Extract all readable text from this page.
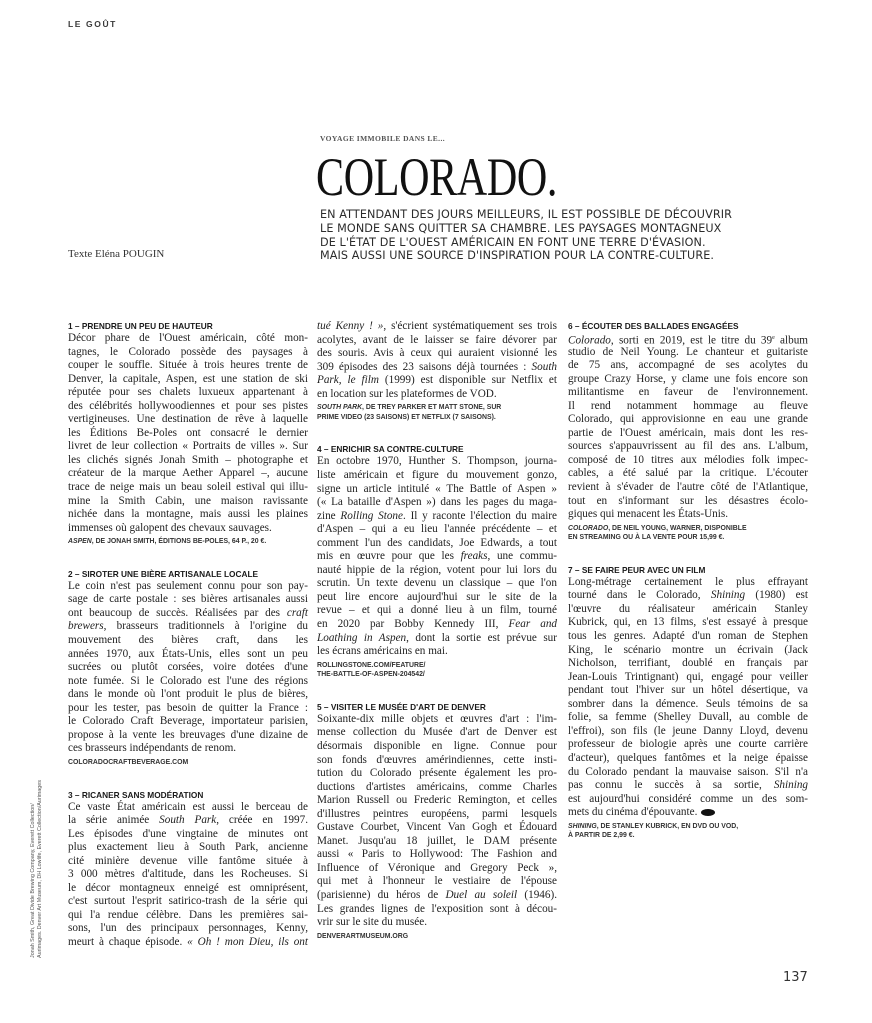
LE GOÛT
VOYAGE IMMOBILE DANS LE...
COLORADO.
EN ATTENDANT DES JOURS MEILLEURS, IL EST POSSIBLE DE DÉCOUVRIR
LE MONDE SANS QUITTER SA CHAMBRE. LES PAYSAGES MONTAGNEUX
DE L'ÉTAT DE L'OUEST AMÉRICAIN EN FONT UNE TERRE D'ÉVASION.
MAIS AUSSI UNE SOURCE D'INSPIRATION POUR LA CONTRE-CULTURE.
Texte Eléna POUGIN
1 – PRENDRE UN PEU DE HAUTEUR
Décor phare de l'Ouest américain, côté mon-
tagnes, le Colorado possède des paysages à
couper le souffle. Située à trois heures trente de
Denver, la capitale, Aspen, est une station de ski
réputée pour ses chalets luxueux appartenant à
des célébrités hollywoodiennes et pour ses pistes
vertigineuses. Une destination de rêve à laquelle
les Éditions Be-Poles ont consacré le dernier
livret de leur collection « Portraits de villes ». Sur
les clichés signés Jonah Smith – photographe et
créateur de la marque Aether Apparel –, aucune
trace de neige mais un beau soleil estival qui illu-
mine la Smith Cabin, une maison ravissante
nichée dans la montagne, mais aussi les plaines
immenses où galopent des chevaux sauvages.
ASPEN, DE JONAH SMITH, ÉDITIONS BE-POLES, 64 P., 20 €.
2 – SIROTER UNE BIÈRE ARTISANALE LOCALE
Le coin n'est pas seulement connu pour son pay-
sage de carte postale : ses bières artisanales aussi
ont beaucoup de succès. Réalisées par des craft
brewers, brasseurs traditionnels à l'origine du
mouvement des bières craft, dans les
années 1970, aux États-Unis, elles sont un peu
sucrées ou plutôt corsées, voire dotées d'une
note fumée. Si le Colorado est l'une des régions
dans le monde où l'ont produit le plus de bières,
pour les tester, pas besoin de quitter la France :
le Colorado Craft Beverage, importateur parisien,
propose à la vente les breuvages d'une dizaine de
ces brasseurs indépendants de renom.
COLORADOCRAFTBEVERAGE.COM
3 – RICANER SANS MODÉRATION
Ce vaste État américain est aussi le berceau de
la série animée South Park, créée en 1997.
Les épisodes d'une vingtaine de minutes ont
plus exactement lieu à South Park, ancienne
cité minière devenue ville fantôme située à
3 000 mètres d'altitude, dans les Rocheuses. Si
le décor montagneux enneigé est omniprésent,
c'est surtout l'esprit satirico-trash de la série qui
qui l'a rendue célèbre. Dans les premières sai-
sons, l'un des principaux personnages, Kenny,
meurt à chaque épisode. « Oh ! mon Dieu, ils ont
tué Kenny ! », s'écrient systématiquement ses trois
acolytes, avant de le laisser se faire dévorer par
des souris. Avis à ceux qui auraient visionné les
309 épisodes des 23 saisons déjà tournées : South
Park, le film (1999) est disponible sur Netflix et
en location sur les plateformes de VOD.
SOUTH PARK, DE TREY PARKER ET MATT STONE, SUR
PRIME VIDEO (23 SAISONS) ET NETFLIX (7 SAISONS).
4 – ENRICHIR SA CONTRE-CULTURE
En octobre 1970, Hunther S. Thompson, journa-
liste américain et figure du mouvement gonzo,
signe un article intitulé « The Battle of Aspen »
(« La bataille d'Aspen ») dans les pages du maga-
zine Rolling Stone. Il y raconte l'élection du maire
d'Aspen – qui a eu lieu l'année précédente – et
comment l'un des candidats, Joe Edwards, a tout
mis en œuvre pour que les freaks, une commu-
nauté hippie de la région, votent pour lui lors du
scrutin. Un texte devenu un classique – que l'on
peut lire encore aujourd'hui sur le site de la
revue – et qui a donné lieu à un film, tourné
en 2020 par Bobby Kennedy III, Fear and
Loathing in Aspen, dont la sortie est prévue sur
les écrans américains en mai.
ROLLINGSTONE.COM/FEATURE/
THE-BATTLE-OF-ASPEN-204542/
5 – VISITER LE MUSÉE D'ART DE DENVER
Soixante-dix mille objets et œuvres d'art : l'im-
mense collection du Musée d'art de Denver est
désormais disponible en ligne. Connue pour
son fonds d'œuvres amérindiennes, cette insti-
tution du Colorado présente également les pro-
ductions d'artistes américains, comme Charles
Marion Russell ou Frederic Remington, et celles
d'illustres peintres européens, parmi lesquels
Gustave Courbet, Vincent Van Gogh et Édouard
Manet. Jusqu'au 18 juillet, le DAM présente
aussi « Paris to Hollywood: The Fashion and
Influence of Véronique and Gregory Peck »,
qui met à l'honneur le vestiaire de l'épouse
(parisienne) du héros de Duel au soleil (1946).
Les grandes lignes de l'exposition sont à décou-
vrir sur le site du musée.
DENVERARTMUSEUM.ORG
6 – ÉCOUTER DES BALLADES ENGAGÉES
Colorado, sorti en 2019, est le titre du 39e album
studio de Neil Young. Le chanteur et guitariste
de 75 ans, accompagné de ses acolytes du
groupe Crazy Horse, y clame une fois encore son
militantisme en faveur de l'environnement.
Il rend notamment hommage au fleuve
Colorado, qui approvisionne en eau une grande
partie de l'Ouest américain, mais dont les res-
sources s'appauvrissent au fil des ans. L'album,
composé de 10 titres aux mélodies folk impec-
cables, a été salué par la critique. L'écouter
revient à s'évader de l'autre côté de l'Atlantique,
tout en s'informant sur les désastres écolo-
giques qui menacent les États-Unis.
COLORADO, DE NEIL YOUNG, WARNER, DISPONIBLE
EN STREAMING OU À LA VENTE POUR 15,99 €.
7 – SE FAIRE PEUR AVEC UN FILM
Long-métrage certainement le plus effrayant
tourné dans le Colorado, Shining (1980) est
l'œuvre du réalisateur américain Stanley
Kubrick, qui, en 13 films, s'est essayé à presque
tous les genres. Adapté d'un roman de Stephen
King, le scénario montre un écrivain (Jack
Nicholson, terrifiant, doublé en français par
Jean-Louis Trintignant) qui, engagé pour veiller
pendant tout l'hiver sur un hôtel désertique, va
sombrer dans la démence. Seuls témoins de sa
folie, sa femme (Shelley Duvall, au comble de
l'effroi), son fils (le jeune Danny Lloyd, devenu
professeur de biologie après une courte carrière
d'acteur), quelques fantômes et la neige épaisse
du Colorado pendant la mauvaise saison. S'il n'a
pas connu le succès à sa sortie, Shining
est aujourd'hui considéré comme un des som-
mets du cinéma d'épouvante.
SHINING, DE STANLEY KUBRICK, EN DVD OU VOD,
À PARTIR DE 2,99 €.
Jonah Smith, Great Divide Brewing Company, Everett Collection/ Aurimages. Denver Art Museum, DH Lowlife, Everett Collection/Aurimages
137
